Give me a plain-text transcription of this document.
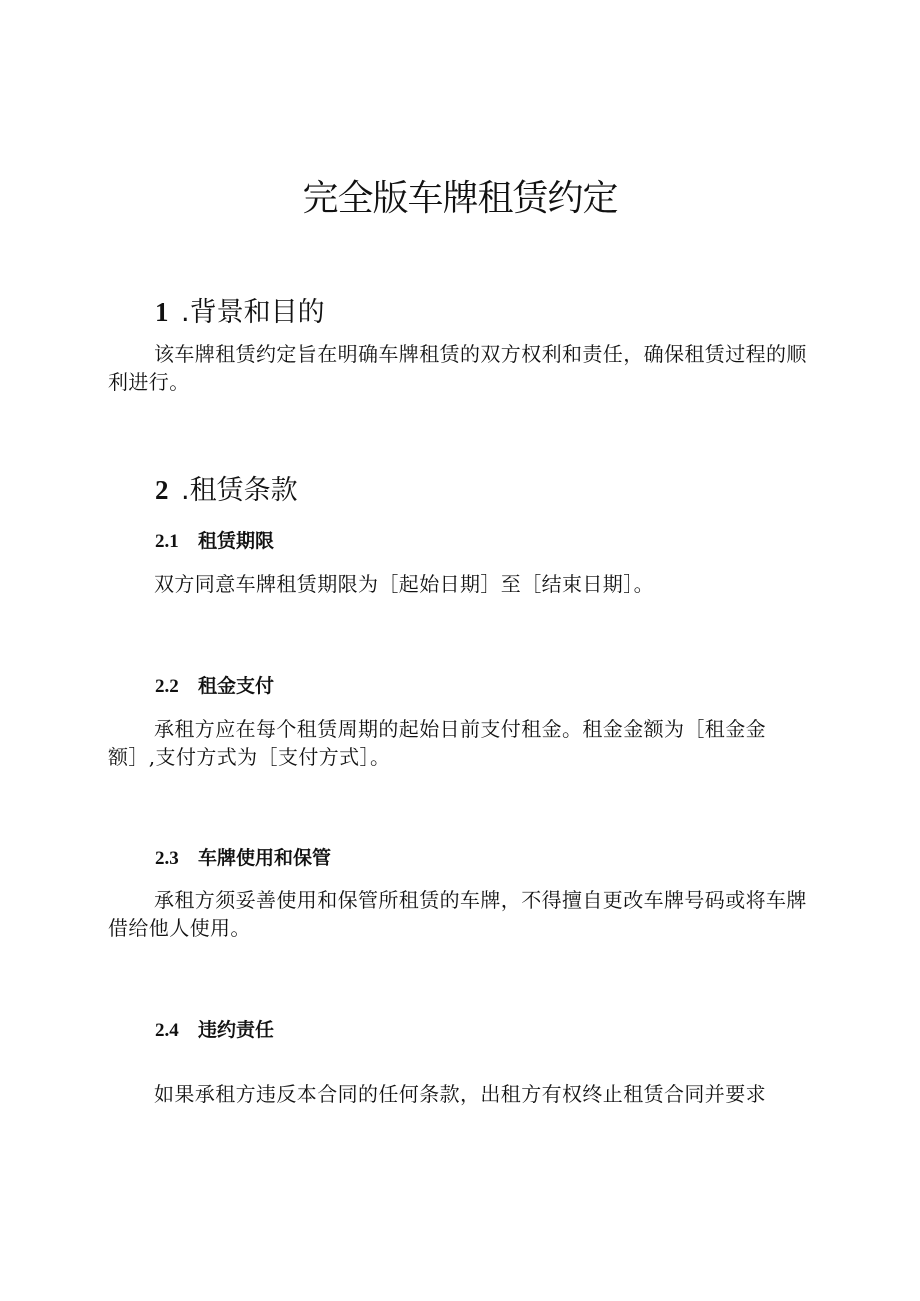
完全版车牌租赁约定
1 .背景和目的

该车牌租赁约定旨在明确车牌租赁的双方权利和责任，确保租赁过程的顺利进行。

2 .租赁条款
2.1 租赁期限

双方同意车牌租赁期限为［起始日期］至［结束日期］。

2.2 租金支付

承租方应在每个租赁周期的起始日前支付租金。租金金额为［租金金额］,支付方式为［支付方式］。

2.3 车牌使用和保管

承租方须妥善使用和保管所租赁的车牌，不得擅自更改车牌号码或将车牌借给他人使用。

2.4 违约责任

如果承租方违反本合同的任何条款，出租方有权终止租赁合同并要求
